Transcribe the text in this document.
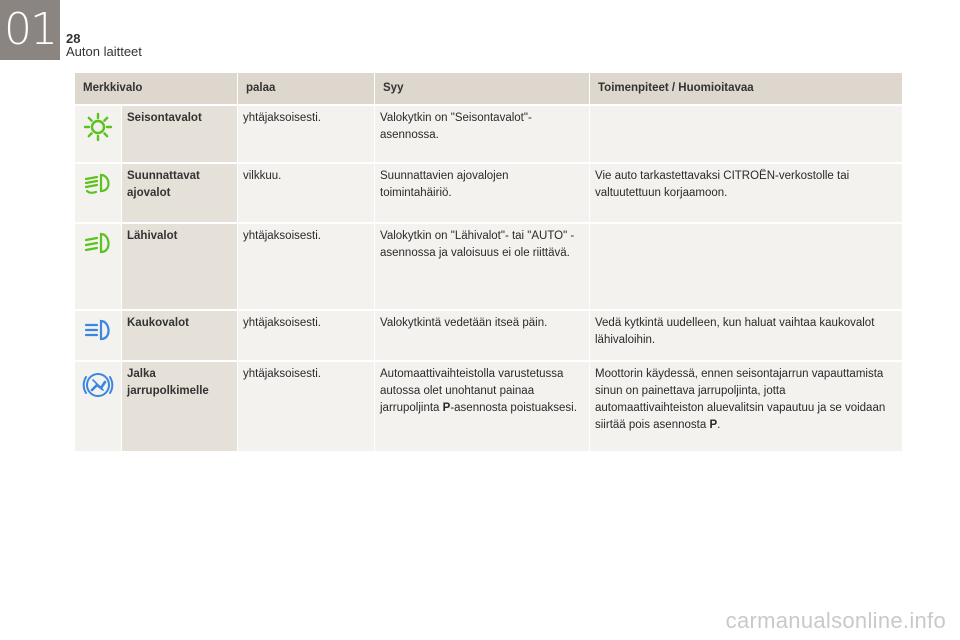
01 28
Auton laitteet
Merkkivalo		palaa	Syy	Toimenpiteet / Huomioitavaa

	Seisontavalot	yhtäjaksoisesti.	Valokytkin on "Seisontavalot"-asennossa.	

	Suunnattavat ajovalot	vilkkuu.	Suunnattavien ajovalojen toimintahäiriö.	Vie auto tarkastettavaksi CITROËN-verkostolle tai valtuutettuun korjaamoon.

	Lähivalot	yhtäjaksoisesti.	Valokytkin on "Lähivalot"- tai "AUTO" -asennossa ja valoisuus ei ole riittävä.	

	Kaukovalot	yhtäjaksoisesti.	Valokytkintä vedetään itseä päin.	Vedä kytkintä uudelleen, kun haluat vaihtaa kaukovalot lähivaloihin.

	Jalka jarrupolkimelle	yhtäjaksoisesti.	Automaattivaihteistolla varustetussa autossa olet unohtanut painaa jarrupoljinta P-asennosta poistuaksesi.	Moottorin käydessä, ennen seisontajarrun vapauttamista sinun on painettava jarrupoljinta, jotta automaattivaihteiston aluevalitsin vapautuu ja se voidaan siirtää pois asennosta P.
carmanualsonline.info
